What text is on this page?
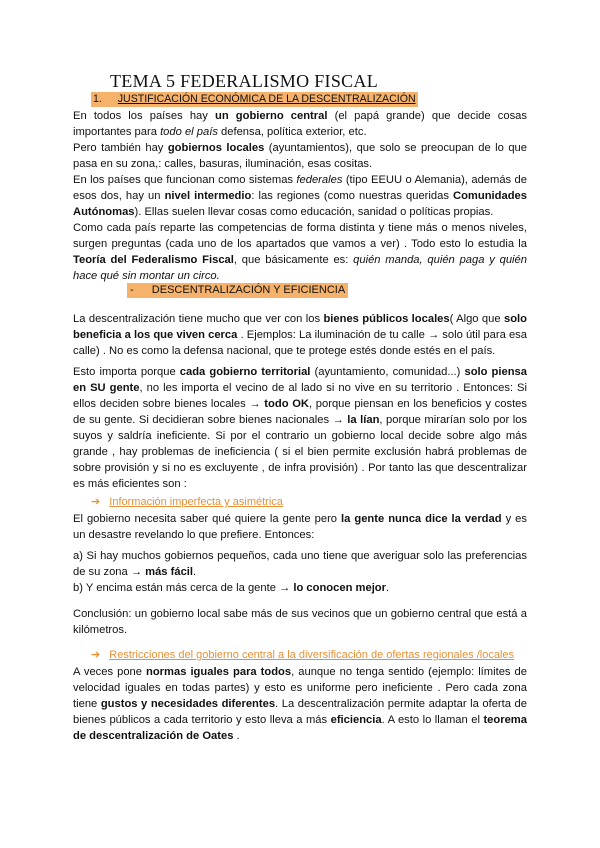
TEMA 5 FEDERALISMO FISCAL
1. JUSTIFICACIÓN ECONÓMICA DE LA DESCENTRALIZACIÓN

En todos los países hay un gobierno central (el papá grande) que decide cosas importantes para todo el país defensa, política exterior, etc.

Pero también hay gobiernos locales (ayuntamientos), que solo se preocupan de lo que pasa en su zona,: calles, basuras, iluminación, esas cositas.

En los países que funcionan como sistemas federales (tipo EEUU o Alemania), además de esos dos, hay un nivel intermedio: las regiones (como nuestras queridas Comunidades Autónomas). Ellas suelen llevar cosas como educación, sanidad o políticas propias.

Como cada país reparte las competencias de forma distinta y tiene más o menos niveles, surgen preguntas (cada uno de los apartados que vamos a ver) . Todo esto lo estudia la Teoría del Federalismo Fiscal, que básicamente es: quién manda, quién paga y quién hace qué sin montar un circo.

- DESCENTRALIZACIÓN Y EFICIENCIA

La descentralización tiene mucho que ver con los bienes públicos locales( Algo que solo beneficia a los que viven cerca . Ejemplos: La iluminación de tu calle → solo útil para esa calle) . No es como la defensa nacional, que te protege estés donde estés en el país.

Esto importa porque cada gobierno territorial (ayuntamiento, comunidad...) solo piensa en SU gente, no les importa el vecino de al lado si no vive en su territorio . Entonces: Si ellos deciden sobre bienes locales → todo OK, porque piensan en los beneficios y costes de su gente. Si decidieran sobre bienes nacionales → la lían, porque mirarían solo por los suyos y saldría ineficiente. Si por el contrario un gobierno local decide sobre algo más grande , hay problemas de ineficiencia ( si el bien permite exclusión habrá problemas de sobre provisión y si no es excluyente , de infra provisión) . Por tanto las que descentralizar es más eficientes son :

➔ Información imperfecta y asimétrica

El gobierno necesita saber qué quiere la gente pero la gente nunca dice la verdad y es un desastre revelando lo que prefiere. Entonces:

a) Si hay muchos gobiernos pequeños, cada uno tiene que averiguar solo las preferencias de su zona → más fácil.

b) Y encima están más cerca de la gente → lo conocen mejor.

Conclusión: un gobierno local sabe más de sus vecinos que un gobierno central que está a kilómetros.

➔ Restricciones del gobierno central a la diversificación de ofertas regionales /locales

A veces pone normas iguales para todos, aunque no tenga sentido (ejemplo: límites de velocidad iguales en todas partes) y esto es uniforme pero ineficiente . Pero cada zona tiene gustos y necesidades diferentes. La descentralización permite adaptar la oferta de bienes públicos a cada territorio y esto lleva a más eficiencia. A esto lo llaman el teorema de descentralización de Oates .
